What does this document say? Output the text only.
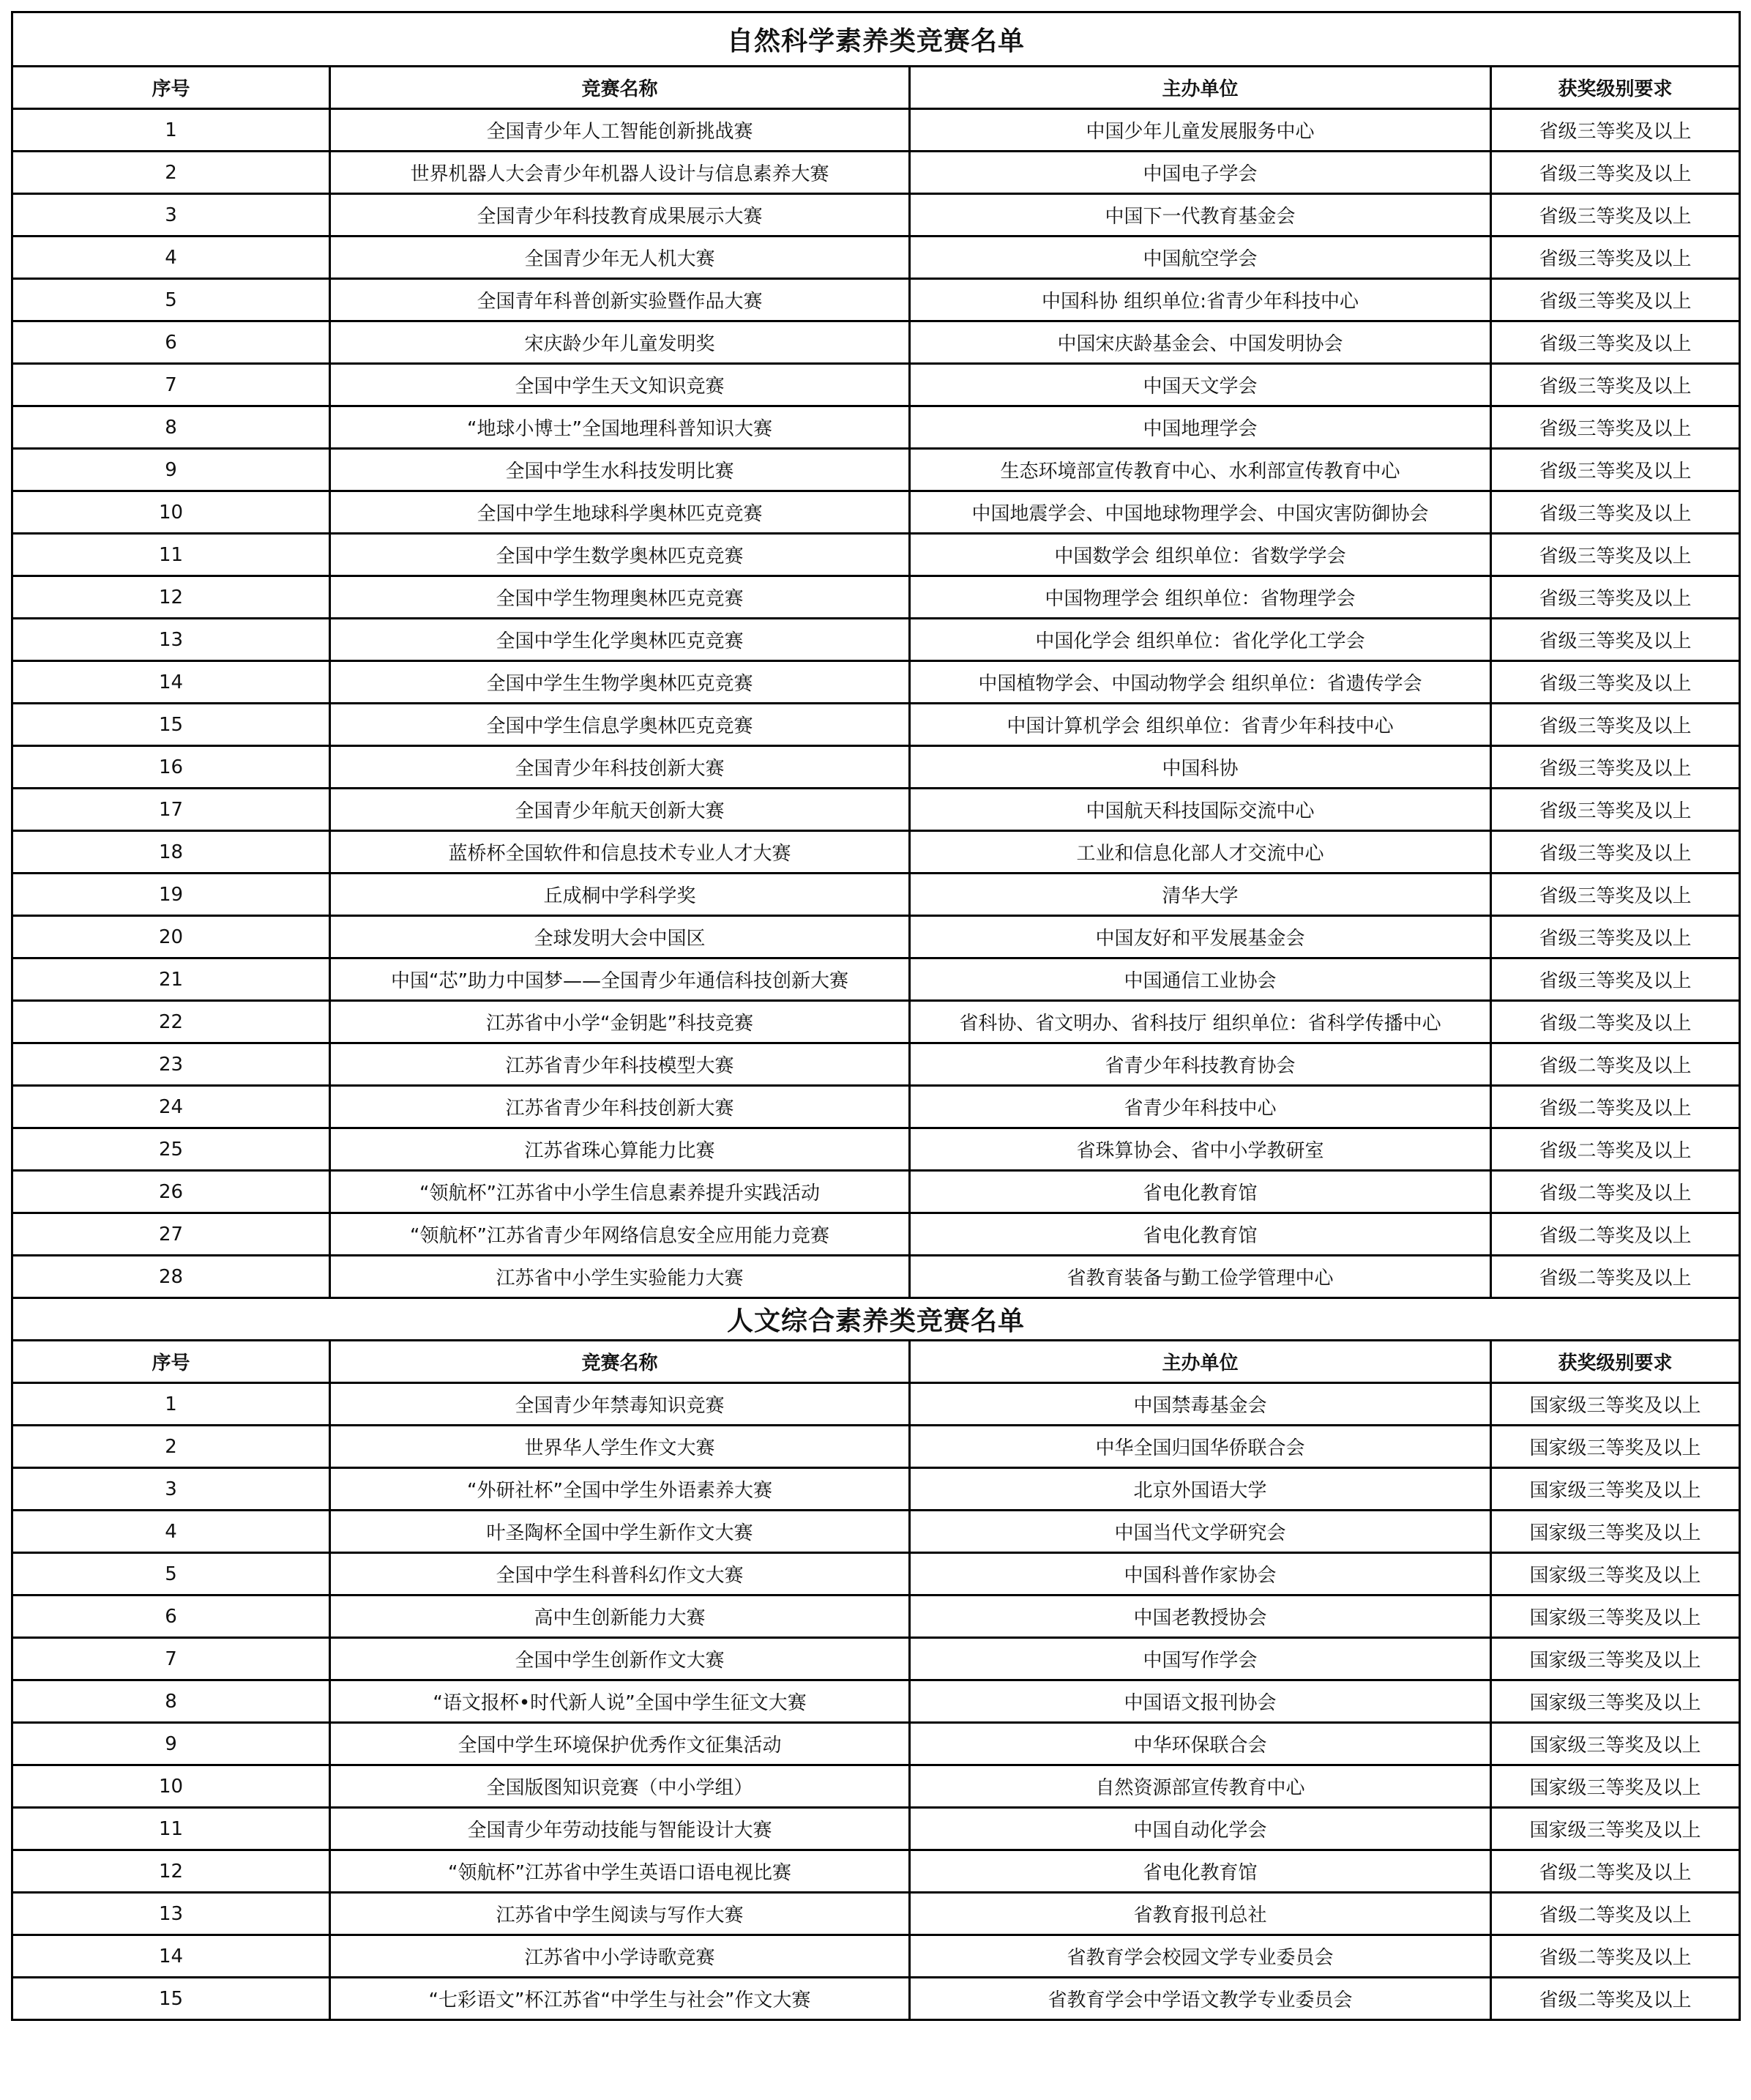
自然科学素养类竞赛名单			
序号	竞赛名称	主办单位	获奖级别要求
1	全国青少年人工智能创新挑战赛	中国少年儿童发展服务中心	省级三等奖及以上
2	世界机器人大会青少年机器人设计与信息素养大赛	中国电子学会	省级三等奖及以上
3	全国青少年科技教育成果展示大赛	中国下一代教育基金会	省级三等奖及以上
4	全国青少年无人机大赛	中国航空学会	省级三等奖及以上
5	全国青年科普创新实验暨作品大赛	中国科协 组织单位:省青少年科技中心	省级三等奖及以上
6	宋庆龄少年儿童发明奖	中国宋庆龄基金会、中国发明协会	省级三等奖及以上
7	全国中学生天文知识竞赛	中国天文学会	省级三等奖及以上
8	“地球小博士”全国地理科普知识大赛	中国地理学会	省级三等奖及以上
9	全国中学生水科技发明比赛	生态环境部宣传教育中心、水利部宣传教育中心	省级三等奖及以上
10	全国中学生地球科学奥林匹克竞赛	中国地震学会、中国地球物理学会、中国灾害防御协会	省级三等奖及以上
11	全国中学生数学奥林匹克竞赛	中国数学会 组织单位：省数学学会	省级三等奖及以上
12	全国中学生物理奥林匹克竞赛	中国物理学会 组织单位：省物理学会	省级三等奖及以上
13	全国中学生化学奥林匹克竞赛	中国化学会 组织单位：省化学化工学会	省级三等奖及以上
14	全国中学生生物学奥林匹克竞赛	中国植物学会、中国动物学会 组织单位：省遗传学会	省级三等奖及以上
15	全国中学生信息学奥林匹克竞赛	中国计算机学会 组织单位：省青少年科技中心	省级三等奖及以上
16	全国青少年科技创新大赛	中国科协	省级三等奖及以上
17	全国青少年航天创新大赛	中国航天科技国际交流中心	省级三等奖及以上
18	蓝桥杯全国软件和信息技术专业人才大赛	工业和信息化部人才交流中心	省级三等奖及以上
19	丘成桐中学科学奖	清华大学	省级三等奖及以上
20	全球发明大会中国区	中国友好和平发展基金会	省级三等奖及以上
21	中国“芯”助力中国梦——全国青少年通信科技创新大赛	中国通信工业协会	省级三等奖及以上
22	江苏省中小学“金钥匙”科技竞赛	省科协、省文明办、省科技厅 组织单位：省科学传播中心	省级二等奖及以上
23	江苏省青少年科技模型大赛	省青少年科技教育协会	省级二等奖及以上
24	江苏省青少年科技创新大赛	省青少年科技中心	省级二等奖及以上
25	江苏省珠心算能力比赛	省珠算协会、省中小学教研室	省级二等奖及以上
26	“领航杯”江苏省中小学生信息素养提升实践活动	省电化教育馆	省级二等奖及以上
27	“领航杯”江苏省青少年网络信息安全应用能力竞赛	省电化教育馆	省级二等奖及以上
28	江苏省中小学生实验能力大赛	省教育装备与勤工俭学管理中心	省级二等奖及以上
人文综合素养类竞赛名单			
序号	竞赛名称	主办单位	获奖级别要求
1	全国青少年禁毒知识竞赛	中国禁毒基金会	国家级三等奖及以上
2	世界华人学生作文大赛	中华全国归国华侨联合会	国家级三等奖及以上
3	“外研社杯”全国中学生外语素养大赛	北京外国语大学	国家级三等奖及以上
4	叶圣陶杯全国中学生新作文大赛	中国当代文学研究会	国家级三等奖及以上
5	全国中学生科普科幻作文大赛	中国科普作家协会	国家级三等奖及以上
6	高中生创新能力大赛	中国老教授协会	国家级三等奖及以上
7	全国中学生创新作文大赛	中国写作学会	国家级三等奖及以上
8	“语文报杯•时代新人说”全国中学生征文大赛	中国语文报刊协会	国家级三等奖及以上
9	全国中学生环境保护优秀作文征集活动	中华环保联合会	国家级三等奖及以上
10	全国版图知识竞赛（中小学组）	自然资源部宣传教育中心	国家级三等奖及以上
11	全国青少年劳动技能与智能设计大赛	中国自动化学会	国家级三等奖及以上
12	“领航杯”江苏省中学生英语口语电视比赛	省电化教育馆	省级二等奖及以上
13	江苏省中学生阅读与写作大赛	省教育报刊总社	省级二等奖及以上
14	江苏省中小学诗歌竞赛	省教育学会校园文学专业委员会	省级二等奖及以上
15	“七彩语文”杯江苏省“中学生与社会”作文大赛	省教育学会中学语文教学专业委员会	省级二等奖及以上
